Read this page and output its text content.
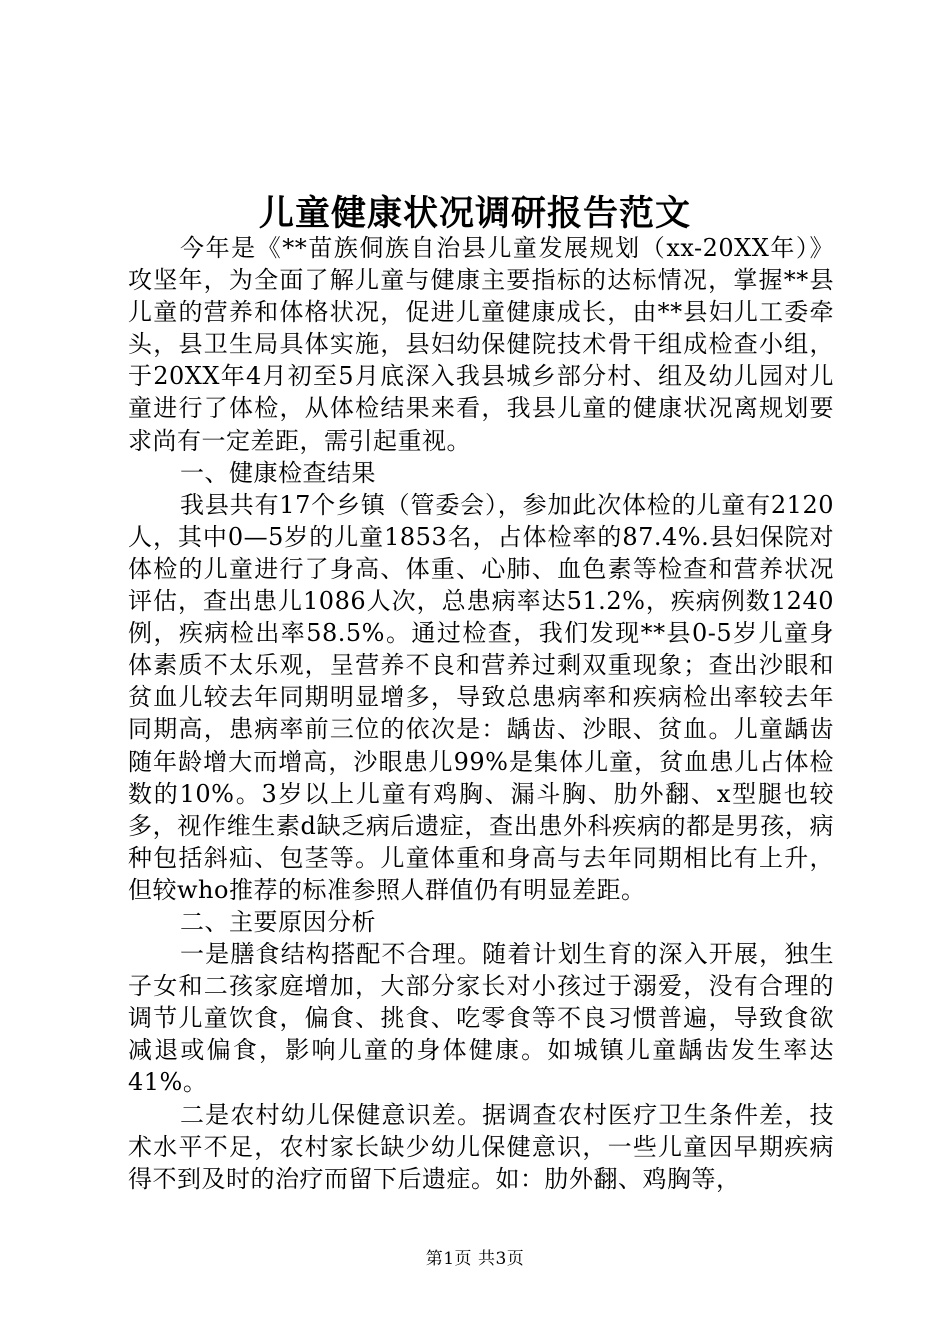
儿童健康状况调研报告范文

今年是《**苗族侗族自治县儿童发展规划（xx-20XX年）》攻坚年，为全面了解儿童与健康主要指标的达标情况，掌握**县儿童的营养和体格状况，促进儿童健康成长，由**县妇儿工委牵头，县卫生局具体实施，县妇幼保健院技术骨干组成检查小组，于20XX年4月初至5月底深入我县城乡部分村、组及幼儿园对儿童进行了体检，从体检结果来看，我县儿童的健康状况离规划要求尚有一定差距，需引起重视。

一、健康检查结果

我县共有17个乡镇（管委会），参加此次体检的儿童有2120人，其中0—5岁的儿童1853名，占体检率的87.4%.县妇保院对体检的儿童进行了身高、体重、心肺、血色素等检查和营养状况评估，查出患儿1086人次，总患病率达51.2%，疾病例数1240例，疾病检出率58.5%。通过检查，我们发现**县0-5岁儿童身体素质不太乐观，呈营养不良和营养过剩双重现象；查出沙眼和贫血儿较去年同期明显增多，导致总患病率和疾病检出率较去年同期高，患病率前三位的依次是：龋齿、沙眼、贫血。儿童龋齿随年龄增大而增高，沙眼患儿99%是集体儿童，贫血患儿占体检数的10%。3岁以上儿童有鸡胸、漏斗胸、肋外翻、x型腿也较多，视作维生素d缺乏病后遗症，查出患外科疾病的都是男孩，病种包括斜疝、包茎等。儿童体重和身高与去年同期相比有上升，但较who推荐的标准参照人群值仍有明显差距。

二、主要原因分析

一是膳食结构搭配不合理。随着计划生育的深入开展，独生子女和二孩家庭增加，大部分家长对小孩过于溺爱，没有合理的调节儿童饮食，偏食、挑食、吃零食等不良习惯普遍，导致食欲减退或偏食，影响儿童的身体健康。如城镇儿童龋齿发生率达41%。

二是农村幼儿保健意识差。据调查农村医疗卫生条件差，技术水平不足，农村家长缺少幼儿保健意识，一些儿童因早期疾病得不到及时的治疗而留下后遗症。如：肋外翻、鸡胸等，

第1页 共3页
